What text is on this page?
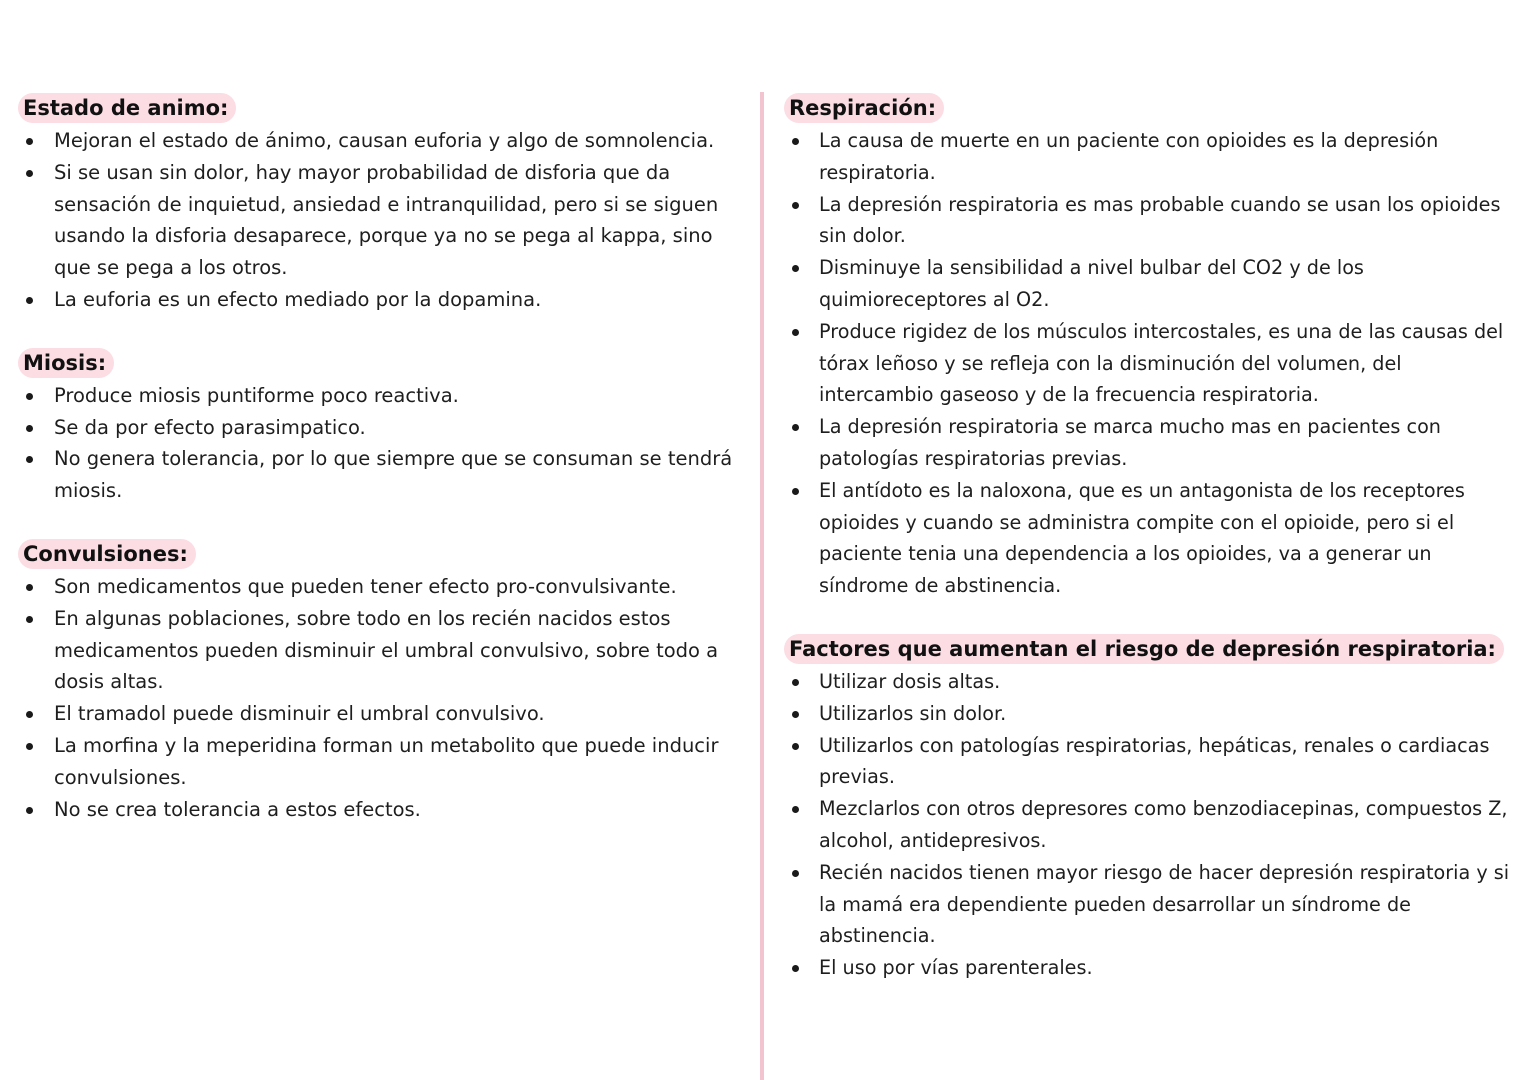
Estado de animo:
Mejoran el estado de ánimo, causan euforia y algo de somnolencia.
Si se usan sin dolor, hay mayor probabilidad de disforia que da sensación de inquietud, ansiedad e intranquilidad, pero si se siguen usando la disforia desaparece, porque ya no se pega al kappa, sino que se pega a los otros.
La euforia es un efecto mediado por la dopamina.
Miosis:
Produce miosis puntiforme poco reactiva.
Se da por efecto parasimpatico.
No genera tolerancia, por lo que siempre que se consuman se tendrá miosis.
Convulsiones:
Son medicamentos que pueden tener efecto pro-convulsivante.
En algunas poblaciones, sobre todo en los recién nacidos estos medicamentos pueden disminuir el umbral convulsivo, sobre todo a dosis altas.
El tramadol puede disminuir el umbral convulsivo.
La morfina y la meperidina forman un metabolito que puede inducir convulsiones.
No se crea tolerancia a estos efectos.
Respiración:
La causa de muerte en un paciente con opioides es la depresión respiratoria.
La depresión respiratoria es mas probable cuando se usan los opioides sin dolor.
Disminuye la sensibilidad a nivel bulbar del CO2 y de los quimioreceptores al O2.
Produce rigidez de los músculos intercostales, es una de las causas del tórax leñoso y se refleja con la disminución del volumen, del intercambio gaseoso y de la frecuencia respiratoria.
La depresión respiratoria se marca mucho mas en pacientes con patologías respiratorias previas.
El antídoto es la naloxona, que es un antagonista de los receptores opioides y cuando se administra compite con el opioide, pero si el paciente tenia una dependencia a los opioides, va a generar un síndrome de abstinencia.
Factores que aumentan el riesgo de depresión respiratoria:
Utilizar dosis altas.
Utilizarlos sin dolor.
Utilizarlos con patologías respiratorias, hepáticas, renales o cardiacas previas.
Mezclarlos con otros depresores como benzodiacepinas, compuestos Z, alcohol, antidepresivos.
Recién nacidos tienen mayor riesgo de hacer depresión respiratoria y si la mamá era dependiente pueden desarrollar un síndrome de abstinencia.
El uso por vías parenterales.
